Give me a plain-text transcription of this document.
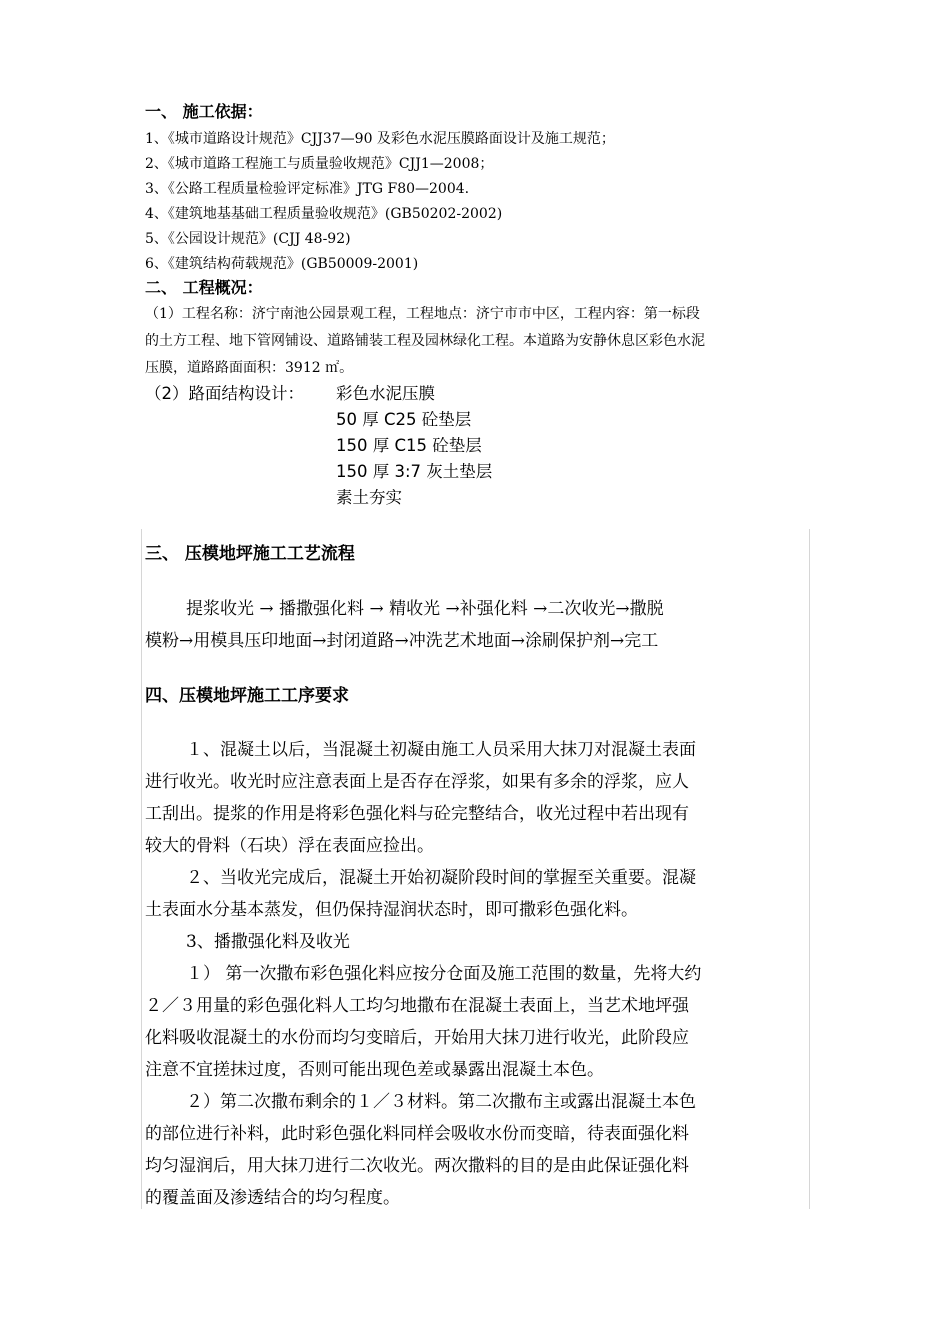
一、 施工依据：
1、《城市道路设计规范》CJJ37—90 及彩色水泥压膜路面设计及施工规范；
2、《城市道路工程施工与质量验收规范》CJJ1—2008；
3、《公路工程质量检验评定标准》JTG F80—2004.
4、《建筑地基基础工程质量验收规范》(GB50202-2002)
5、《公园设计规范》(CJJ 48-92)
6、《建筑结构荷载规范》(GB50009-2001)
二、 工程概况：
（1）工程名称：济宁南池公园景观工程，工程地点：济宁市市中区，工程内容：第一标段
的土方工程、地下管网铺设、道路铺装工程及园林绿化工程。本道路为安静休息区彩色水泥
压膜，道路路面面积：3912 ㎡。
（2）路面结构设计： 彩色水泥压膜
50 厚 C25 砼垫层
150 厚 C15 砼垫层
150 厚 3:7 灰土垫层
素土夯实
三、 压模地坪施工工艺流程
提浆收光 → 播撒强化料 → 精收光 →补强化料 →二次收光→撒脱
模粉→用模具压印地面→封闭道路→冲洗艺术地面→涂刷保护剂→完工
四、压模地坪施工工序要求
１、混凝土以后，当混凝土初凝由施工人员采用大抹刀对混凝土表面
进行收光。收光时应注意表面上是否存在浮浆，如果有多余的浮浆，应人
工刮出。提浆的作用是将彩色强化料与砼完整结合，收光过程中若出现有
较大的骨料（石块）浮在表面应捡出。
２、当收光完成后，混凝土开始初凝阶段时间的掌握至关重要。混凝
土表面水分基本蒸发，但仍保持湿润状态时，即可撒彩色强化料。
3、播撒强化料及收光
１） 第一次撒布彩色强化料应按分仓面及施工范围的数量，先将大约
２／３用量的彩色强化料人工均匀地撒布在混凝土表面上，当艺术地坪强
化料吸收混凝土的水份而均匀变暗后，开始用大抹刀进行收光，此阶段应
注意不宜搓抹过度，否则可能出现色差或暴露出混凝土本色。
２）第二次撒布剩余的１／３材料。第二次撒布主或露出混凝土本色
的部位进行补料，此时彩色强化料同样会吸收水份而变暗，待表面强化料
均匀湿润后，用大抹刀进行二次收光。两次撒料的目的是由此保证强化料
的覆盖面及渗透结合的均匀程度。
